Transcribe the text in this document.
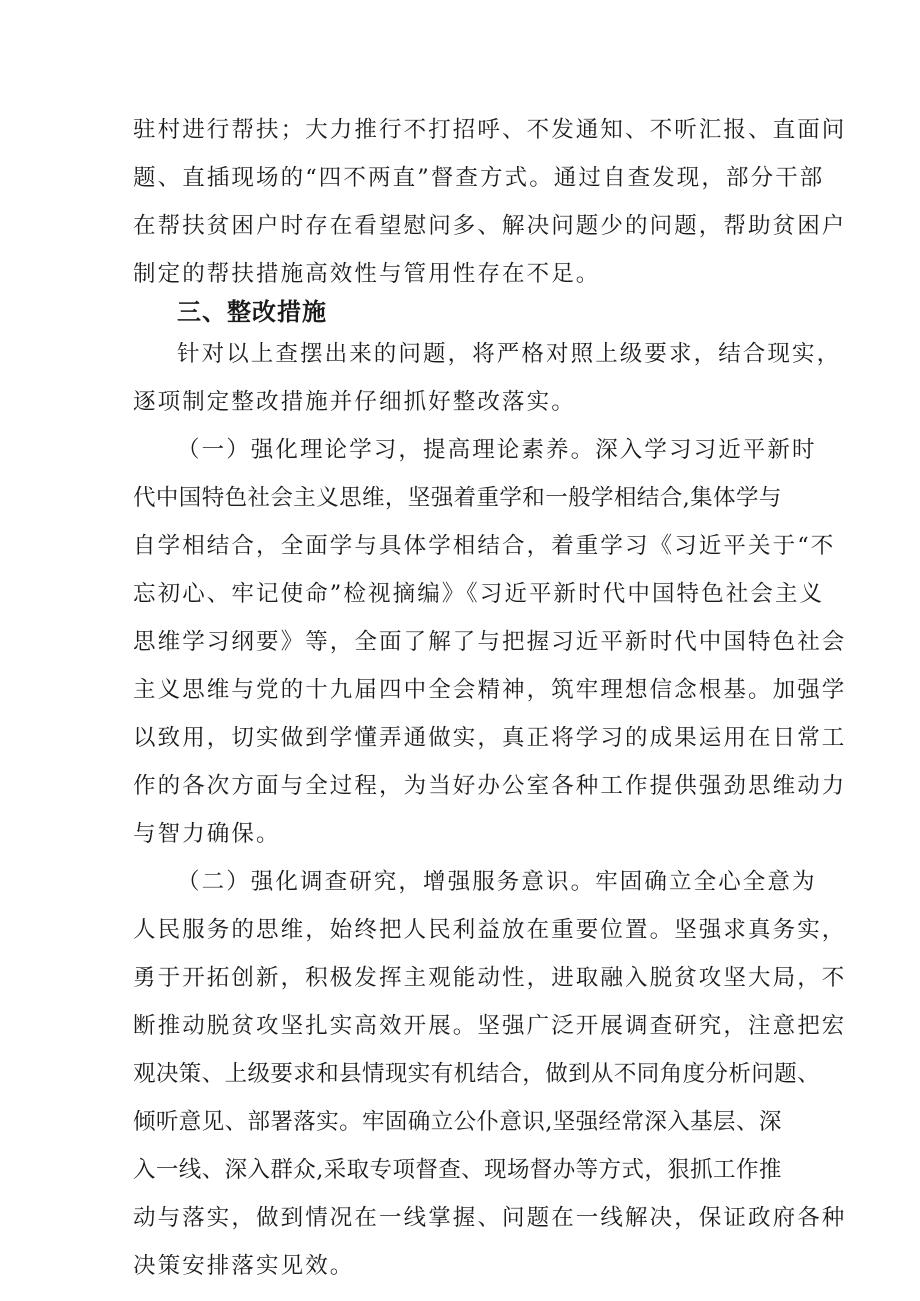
驻村进行帮扶；大力推行不打招呼、不发通知、不听汇报、直面问
题、直插现场的“四不两直”督查方式。通过自查发现，部分干部
在帮扶贫困户时存在看望慰问多、解决问题少的问题，帮助贫困户
制定的帮扶措施高效性与管用性存在不足。
三、整改措施
针对以上查摆出来的问题，将严格对照上级要求，结合现实，
逐项制定整改措施并仔细抓好整改落实。
（一）强化理论学习，提高理论素养。深入学习习近平新时
代中国特色社会主义思维，坚强着重学和一般学相结合,集体学与
自学相结合，全面学与具体学相结合，着重学习《习近平关于“不
忘初心、牢记使命”检视摘编》《习近平新时代中国特色社会主义
思维学习纲要》等，全面了解了与把握习近平新时代中国特色社会
主义思维与党的十九届四中全会精神，筑牢理想信念根基。加强学
以致用，切实做到学懂弄通做实，真正将学习的成果运用在日常工
作的各次方面与全过程，为当好办公室各种工作提供强劲思维动力
与智力确保。
（二）强化调查研究，增强服务意识。牢固确立全心全意为
人民服务的思维，始终把人民利益放在重要位置。坚强求真务实，
勇于开拓创新，积极发挥主观能动性，进取融入脱贫攻坚大局，不
断推动脱贫攻坚扎实高效开展。坚强广泛开展调查研究，注意把宏
观决策、上级要求和县情现实有机结合，做到从不同角度分析问题、
倾听意见、部署落实。牢固确立公仆意识,坚强经常深入基层、深
入一线、深入群众,采取专项督查、现场督办等方式，狠抓工作推
动与落实，做到情况在一线掌握、问题在一线解决，保证政府各种
决策安排落实见效。
